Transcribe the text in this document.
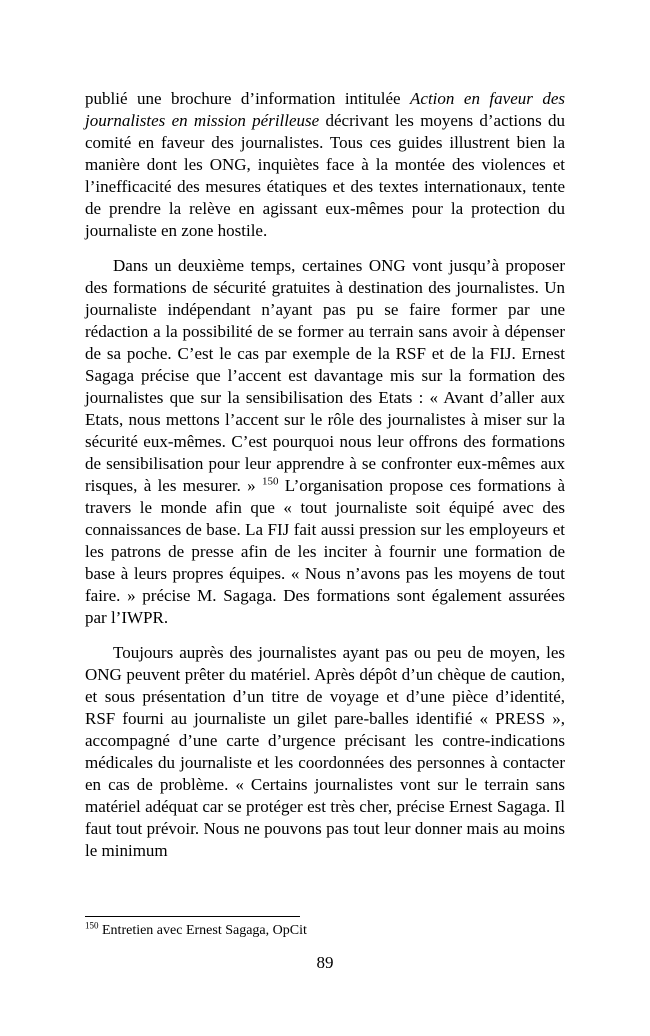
publié une brochure d’information intitulée Action en faveur des journalistes en mission périlleuse décrivant les moyens d’actions du comité en faveur des journalistes. Tous ces guides illustrent bien la manière dont les ONG, inquiètes face à la montée des violences et l’inefficacité des mesures étatiques et des textes internationaux, tente de prendre la relève en agissant eux-mêmes pour la protection du journaliste en zone hostile.

Dans un deuxième temps, certaines ONG vont jusqu’à proposer des formations de sécurité gratuites à destination des journalistes. Un journaliste indépendant n’ayant pas pu se faire former par une rédaction a la possibilité de se former au terrain sans avoir à dépenser de sa poche. C’est le cas par exemple de la RSF et de la FIJ. Ernest Sagaga précise que l’accent est davantage mis sur la formation des journalistes que sur la sensibilisation des Etats : « Avant d’aller aux Etats, nous mettons l’accent sur le rôle des journalistes à miser sur la sécurité eux-mêmes. C’est pourquoi nous leur offrons des formations de sensibilisation pour leur apprendre à se confronter eux-mêmes aux risques, à les mesurer. » $^{150}$ L’organisation propose ces formations à travers le monde afin que « tout journaliste soit équipé avec des connaissances de base. La FIJ fait aussi pression sur les employeurs et les patrons de presse afin de les inciter à fournir une formation de base à leurs propres équipes. « Nous n’avons pas les moyens de tout faire. » précise M. Sagaga. Des formations sont également assurées par l’IWPR.

Toujours auprès des journalistes ayant pas ou peu de moyen, les ONG peuvent prêter du matériel. Après dépôt d’un chèque de caution, et sous présentation d’un titre de voyage et d’une pièce d’identité, RSF fourni au journaliste un gilet pare-balles identifié « PRESS », accompagné d’une carte d’urgence précisant les contre-indications médicales du journaliste et les coordonnées des personnes à contacter en cas de problème. « Certains journalistes vont sur le terrain sans matériel adéquat car se protéger est très cher, précise Ernest Sagaga. Il faut tout prévoir. Nous ne pouvons pas tout leur donner mais au moins le minimum

$^{150}$ Entretien avec Ernest Sagaga, OpCit
89
